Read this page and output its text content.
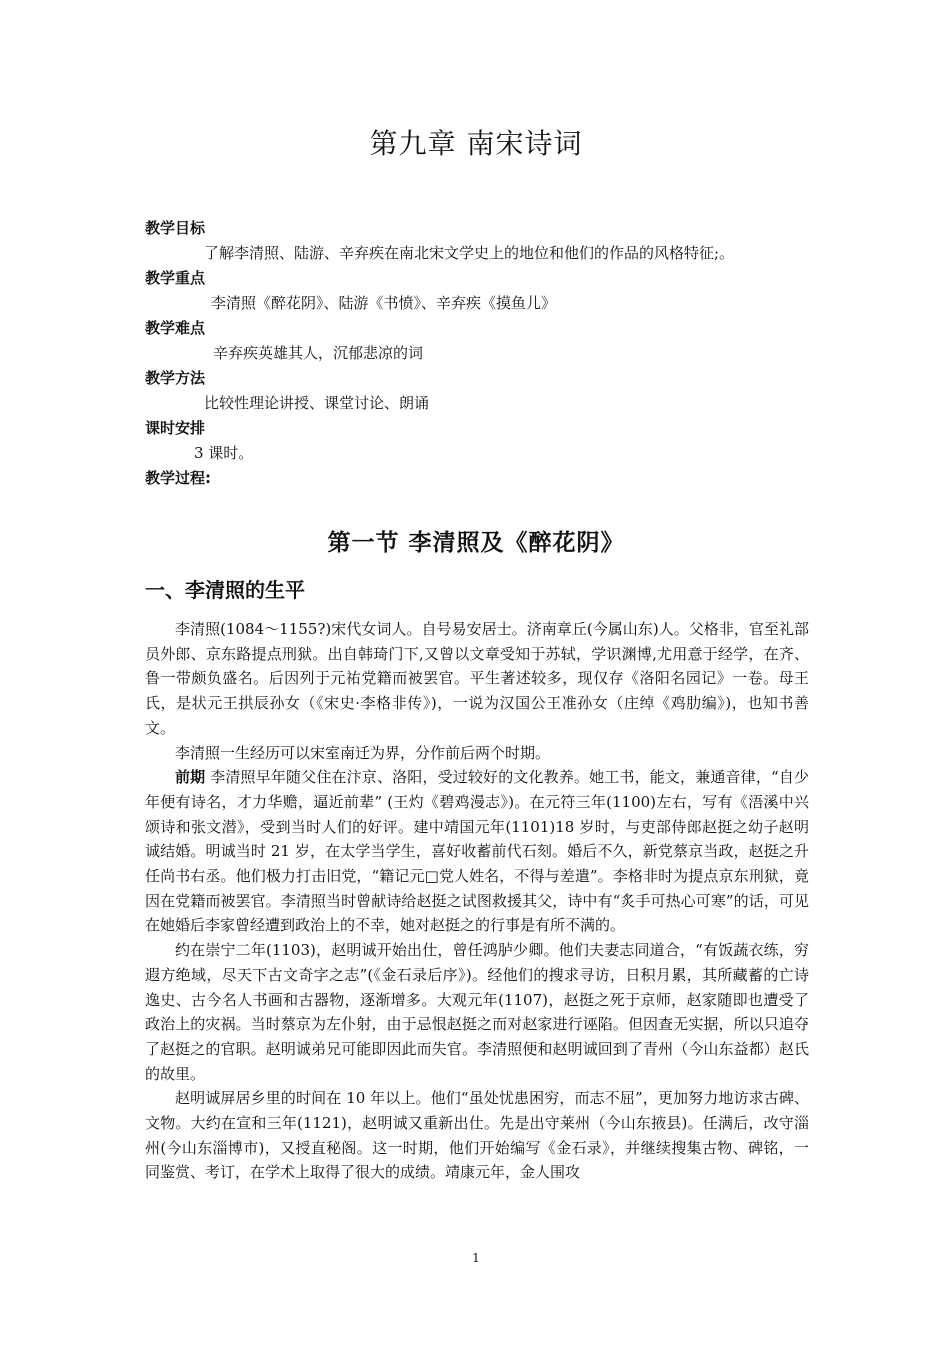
第九章 南宋诗词
教学目标
了解李清照、陆游、辛弃疾在南北宋文学史上的地位和他们的作品的风格特征;。
教学重点
李清照《醉花阴》、陆游《书愤》、辛弃疾《摸鱼儿》
教学难点
辛弃疾英雄其人，沉郁悲凉的词
教学方法
比较性理论讲授、课堂讨论、朗诵
课时安排
3 课时。
教学过程:
第一节 李清照及《醉花阴》
一、李清照的生平

李清照(1084～1155?)宋代女词人。自号易安居士。济南章丘(今属山东)人。父格非，官至礼部员外郎、京东路提点刑狱。出自韩琦门下,又曾以文章受知于苏轼，学识渊博,尤用意于经学，在齐、鲁一带颇负盛名。后因列于元祐党籍而被罢官。平生著述较多，现仅存《洛阳名园记》一卷。母王氏，是状元王拱辰孙女（《宋史·李格非传》)，一说为汉国公王准孙女（庄绰《鸡肋编》)，也知书善文。

李清照一生经历可以宋室南迁为界，分作前后两个时期。

前期 李清照早年随父住在汴京、洛阳，受过较好的文化教养。她工书，能文，兼通音律，“自少年便有诗名，才力华赡，逼近前辈” (王灼《碧鸡漫志》)。在元符三年(1100)左右，写有《浯溪中兴颂诗和张文潜》，受到当时人们的好评。建中靖国元年(1101)18 岁时，与吏部侍郎赵挺之幼子赵明诚结婚。明诚当时 21 岁，在太学当学生，喜好收蓄前代石刻。婚后不久，新党蔡京当政，赵挺之升任尚书右丞。他们极力打击旧党，“籍记元□党人姓名，不得与差遣”。李格非时为提点京东刑狱，竟因在党籍而被罢官。李清照当时曾献诗给赵挺之试图救援其父，诗中有“炙手可热心可寒”的话，可见在她婚后李家曾经遭到政治上的不幸，她对赵挺之的行事是有所不满的。

约在崇宁二年(1103)，赵明诚开始出仕，曾任鸿胪少卿。他们夫妻志同道合，“有饭蔬衣练，穷遐方绝域，尽天下古文奇字之志”(《金石录后序》)。经他们的搜求寻访，日积月累，其所藏蓄的亡诗逸史、古今名人书画和古器物，逐渐增多。大观元年(1107)，赵挺之死于京师，赵家随即也遭受了政治上的灾祸。当时蔡京为左仆射，由于忌恨赵挺之而对赵家进行诬陷。但因查无实据，所以只追夺了赵挺之的官职。赵明诚弟兄可能即因此而失官。李清照便和赵明诚回到了青州（今山东益都）赵氏的故里。

赵明诚屏居乡里的时间在 10 年以上。他们“虽处忧患困穷，而志不屈”，更加努力地访求古碑、文物。大约在宣和三年(1121)，赵明诚又重新出仕。先是出守莱州（今山东掖县)。任满后，改守淄州(今山东淄博市)，又授直秘阁。这一时期，他们开始编写《金石录》，并继续搜集古物、碑铭，一同鉴赏、考订，在学术上取得了很大的成绩。靖康元年，金人围攻

1
